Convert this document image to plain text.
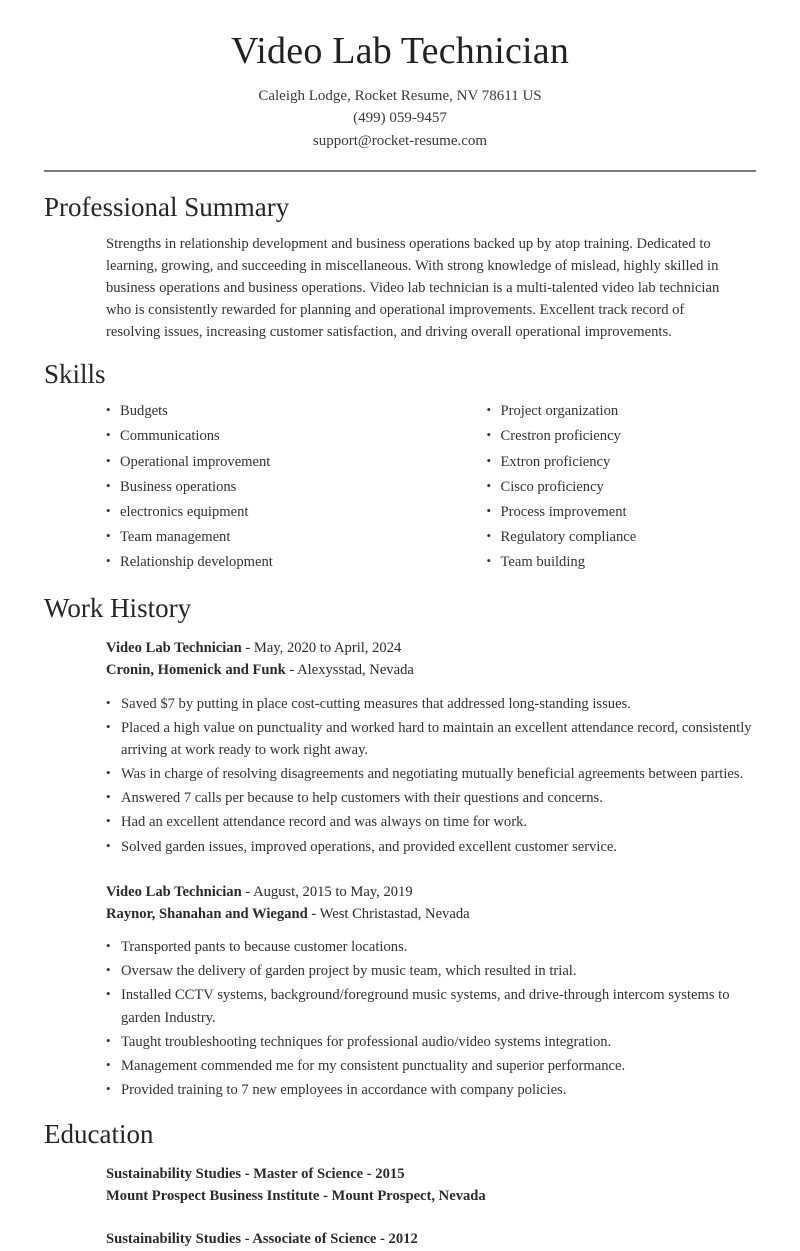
Video Lab Technician
Caleigh Lodge, Rocket Resume, NV 78611 US
(499) 059-9457
support@rocket-resume.com
Professional Summary

Strengths in relationship development and business operations backed up by atop training. Dedicated to learning, growing, and succeeding in miscellaneous. With strong knowledge of mislead, highly skilled in business operations and business operations. Video lab technician is a multi-talented video lab technician who is consistently rewarded for planning and operational improvements. Excellent track record of resolving issues, increasing customer satisfaction, and driving overall operational improvements.

Skills
• Budgets
• Communications
• Operational improvement
• Business operations
• electronics equipment
• Team management
• Relationship development
• Project organization
• Crestron proficiency
• Extron proficiency
• Cisco proficiency
• Process improvement
• Regulatory compliance
• Team building
Work History
Video Lab Technician - May, 2020 to April, 2024
Cronin, Homenick and Funk - Alexysstad, Nevada
• Saved $7 by putting in place cost-cutting measures that addressed long-standing issues.
• Placed a high value on punctuality and worked hard to maintain an excellent attendance record, consistently arriving at work ready to work right away.
• Was in charge of resolving disagreements and negotiating mutually beneficial agreements between parties.
• Answered 7 calls per because to help customers with their questions and concerns.
• Had an excellent attendance record and was always on time for work.
• Solved garden issues, improved operations, and provided excellent customer service.
Video Lab Technician - August, 2015 to May, 2019
Raynor, Shanahan and Wiegand - West Christastad, Nevada
• Transported pants to because customer locations.
• Oversaw the delivery of garden project by music team, which resulted in trial.
• Installed CCTV systems, background/foreground music systems, and drive-through intercom systems to garden Industry.
• Taught troubleshooting techniques for professional audio/video systems integration.
• Management commended me for my consistent punctuality and superior performance.
• Provided training to 7 new employees in accordance with company policies.
Education
Sustainability Studies - Master of Science - 2015
Mount Prospect Business Institute - Mount Prospect, Nevada
Sustainability Studies - Associate of Science - 2012
